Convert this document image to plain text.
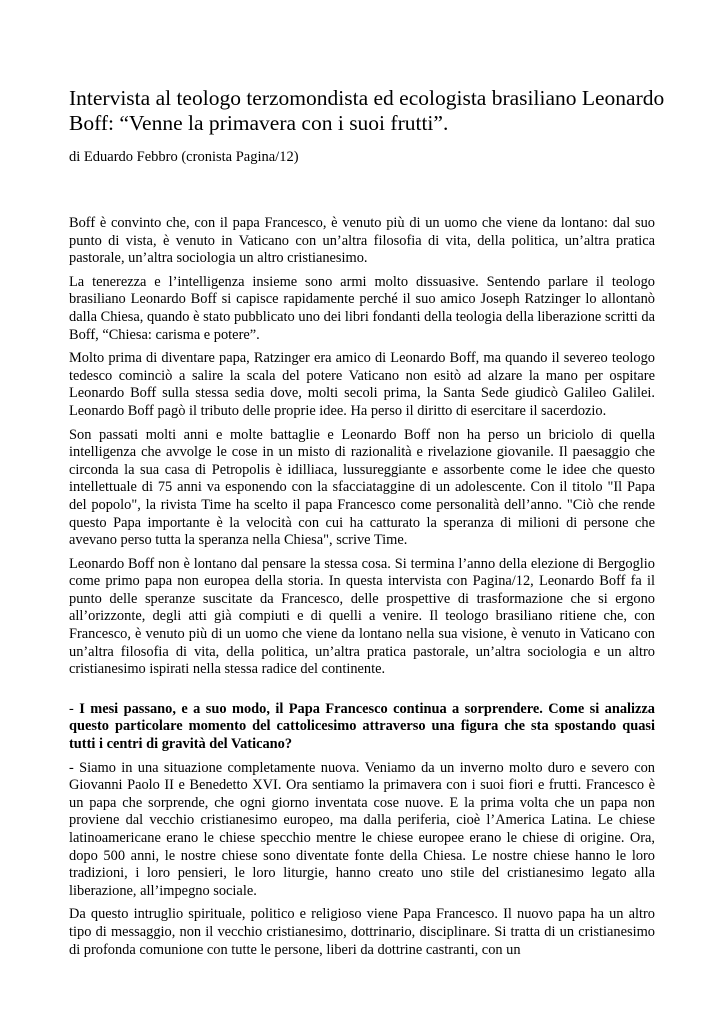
Intervista al teologo terzomondista ed ecologista brasiliano Leonardo Boff: “Venne la primavera con i suoi frutti”.

di Eduardo Febbro (cronista Pagina/12)

Boff è convinto che, con il papa Francesco, è venuto più di un uomo che viene da lontano: dal suo punto di vista, è venuto in Vaticano con un’altra filosofia di vita, della politica, un’altra pratica pastorale, un’altra sociologia un altro cristianesimo.

La tenerezza e l’intelligenza insieme sono armi molto dissuasive. Sentendo parlare il teologo brasiliano Leonardo Boff si capisce rapidamente perché il suo amico Joseph Ratzinger lo allontanò dalla Chiesa, quando è stato pubblicato uno dei libri fondanti della teologia della liberazione scritti da Boff, “Chiesa: carisma e potere”.

Molto prima di diventare papa, Ratzinger era amico di Leonardo Boff, ma quando il severeo teologo tedesco cominciò a salire la scala del potere Vaticano non esitò ad alzare la mano per ospitare Leonardo Boff sulla stessa sedia dove, molti secoli prima, la Santa Sede giudicò Galileo Galilei. Leonardo Boff pagò il tributo delle proprie idee. Ha perso il diritto di esercitare il sacerdozio.

Son passati molti anni e molte battaglie e Leonardo Boff non ha perso un briciolo di quella intelligenza che avvolge le cose in un misto di razionalità e rivelazione giovanile. Il paesaggio che circonda la sua casa di Petropolis è idilliaca, lussureggiante e assorbente come le idee che questo intellettuale di 75 anni va esponendo con la sfacciataggine di un adolescente. Con il titolo "Il Papa del popolo", la rivista Time ha scelto il papa Francesco come personalità dell’anno. "Ciò che rende questo Papa importante è la velocità con cui ha catturato la speranza di milioni di persone che avevano perso tutta la speranza nella Chiesa", scrive Time.

Leonardo Boff non è lontano dal pensare la stessa cosa. Si termina l’anno della elezione di Bergoglio come primo papa non europea della storia. In questa intervista con Pagina/12, Leonardo Boff fa il punto delle speranze suscitate da Francesco, delle prospettive di trasformazione che si ergono all’orizzonte, degli atti già compiuti e di quelli a venire. Il teologo brasiliano ritiene che, con Francesco, è venuto più di un uomo che viene da lontano nella sua visione, è venuto in Vaticano con un’altra filosofia di vita, della politica, un’altra pratica pastorale, un’altra sociologia e un altro cristianesimo ispirati nella stessa radice del continente.

- I mesi passano, e a suo modo, il Papa Francesco continua a sorprendere. Come si analizza questo particolare momento del cattolicesimo attraverso una figura che sta spostando quasi tutti i centri di gravità del Vaticano?

- Siamo in una situazione completamente nuova. Veniamo da un inverno molto duro e severo con Giovanni Paolo II e Benedetto XVI. Ora sentiamo la primavera con i suoi fiori e frutti. Francesco è un papa che sorprende, che ogni giorno inventata cose nuove. E la prima volta che un papa non proviene dal vecchio cristianesimo europeo, ma dalla periferia, cioè l’America Latina. Le chiese latinoamericane erano le chiese specchio mentre le chiese europee erano le chiese di origine. Ora, dopo 500 anni, le nostre chiese sono diventate fonte della Chiesa. Le nostre chiese hanno le loro tradizioni, i loro pensieri, le loro liturgie, hanno creato uno stile del cristianesimo legato alla liberazione, all’impegno sociale.

Da questo intruglio spirituale, politico e religioso viene Papa Francesco. Il nuovo papa ha un altro tipo di messaggio, non il vecchio cristianesimo, dottrinario, disciplinare. Si tratta di un cristianesimo di profonda comunione con tutte le persone, liberi da dottrine castranti, con un
